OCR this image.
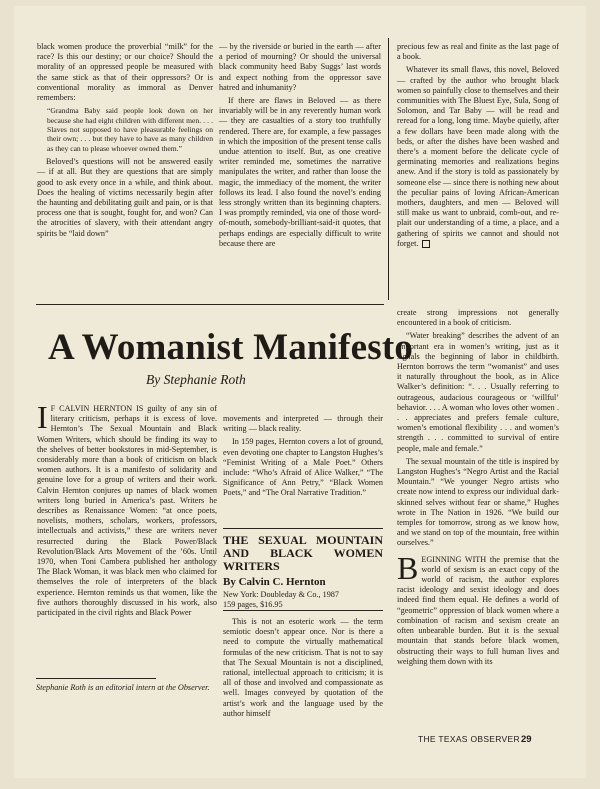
black women produce the proverbial “milk” for the race? Is this our destiny; or our choice? Should the morality of an oppressed people be measured with the same stick as that of their oppressors? Or is conventional morality as immoral as Denver remembers:

“Grandma Baby said people look down on her because she had eight children with different men. . . . Slaves not supposed to have pleasurable feelings on their own; . . . but they have to have as many children as they can to please whoever owned them.”

Beloved’s questions will not be answered easily — if at all. But they are questions that are simply good to ask every once in a while, and think about. Does the healing of victims necessarily begin after the haunting and debilitating guilt and pain, or is that process one that is sought, fought for, and won? Can the atrocities of slavery, with their attendant angry spirits be “laid down”

— by the riverside or buried in the earth — after a period of mourning? Or should the universal black community heed Baby Suggs’ last words and expect nothing from the oppressor save hatred and inhumanity?

If there are flaws in Beloved — as there invariably will be in any reverently human work — they are casualties of a story too truthfully rendered. There are, for example, a few passages in which the imposition of the present tense calls undue attention to itself. But, as one creative writer reminded me, sometimes the narrative manipulates the writer, and rather than loose the magic, the immediacy of the moment, the writer follows its lead. I also found the novel’s ending less strongly written than its beginning chapters. I was promptly reminded, via one of those word-of-mouth, somebody-brilliant-said-it quotes, that perhaps endings are especially difficult to write because there are

precious few as real and finite as the last page of a book.

Whatever its small flaws, this novel, Beloved — crafted by the author who brought black women so painfully close to themselves and their communities with The Bluest Eye, Sula, Song of Solomon, and Tar Baby — will be read and reread for a long, long time. Maybe quietly, after a few dollars have been made along with the beds, or after the dishes have been washed and there’s a moment before the delicate cycle of germinating memories and realizations begins anew. And if the story is told as passionately by someone else — since there is nothing new about the peculiar pains of loving African-American mothers, daughters, and men — Beloved will still make us want to unbraid, comb-out, and re-plait our understanding of a time, a place, and a gathering of spirits we cannot and should not forget.

A Womanist Manifesto
By Stephanie Roth

I F CALVIN HERNTON IS guilty of any sin of literary criticism, perhaps it is excess of love. Hernton’s The Sexual Mountain and Black Women Writers, which should be finding its way to the shelves of better bookstores in mid-September, is considerably more than a book of criticism on black women authors. It is a manifesto of solidarity and genuine love for a group of writers and their work. Calvin Hernton conjures up names of black women writers long buried in America’s past. Writers he describes as Renaissance Women: “at once poets, novelists, mothers, scholars, workers, professors, intellectuals and activists,” these are writers never resurrected during the Black Power/Black Revolution/Black Arts Movement of the ’60s. Until 1970, when Toni Cambera published her anthology The Black Woman, it was black men who claimed for themselves the role of interpreters of the black experience. Hernton reminds us that women, like the five authors thoroughly discussed in his work, also participated in the civil rights and Black Power

Stephanie Roth is an editorial intern at the Observer.

movements and interpreted — through their writing — black reality.

In 159 pages, Hernton covers a lot of ground, even devoting one chapter to Langston Hughes’s “Feminist Writing of a Male Poet.” Others include: “Who’s Afraid of Alice Walker,” “The Significance of Ann Petry,” “Black Women Poets,” and “The Oral Narrative Tradition.”

THE SEXUAL MOUNTAIN AND BLACK WOMEN WRITERS
By Calvin C. Hernton
New York: Doubleday & Co., 1987
159 pages, $16.95

This is not an esoteric work — the term semiotic doesn’t appear once. Nor is there a need to compute the virtually mathematical formulas of the new criticism. That is not to say that The Sexual Mountain is not a disciplined, rational, intellectual approach to criticism; it is all of those and involved and compassionate as well. Images conveyed by quotation of the artist’s work and the language used by the author himself

create strong impressions not generally encountered in a book of criticism.

“Water breaking” describes the advent of an important era in women’s writing, just as it signals the beginning of labor in childbirth. Hernton borrows the term “womanist” and uses it naturally throughout the book, as in Alice Walker’s definition: “. . . Usually referring to outrageous, audacious courageous or ‘willful’ behavior. . . . A woman who loves other women . . . appreciates and prefers female culture, women’s emotional flexibility . . . and women’s strength . . . committed to survival of entire people, male and female.”

The sexual mountain of the title is inspired by Langston Hughes’s “Negro Artist and the Racial Mountain.” “We younger Negro artists who create now intend to express our individual dark-skinned selves without fear or shame,” Hughes wrote in The Nation in 1926. “We build our temples for tomorrow, strong as we know how, and we stand on top of the mountain, free within ourselves.”

BEGINNING WITH the premise that the world of sexism is an exact copy of the world of racism, the author explores racist ideology and sexist ideology and does indeed find them equal. He defines a world of “geometric” oppression of black women where a combination of racism and sexism create an often unbearable burden. But it is the sexual mountain that stands before black women, obstructing their ways to full human lives and weighing them down with its

THE TEXAS OBSERVER 29
